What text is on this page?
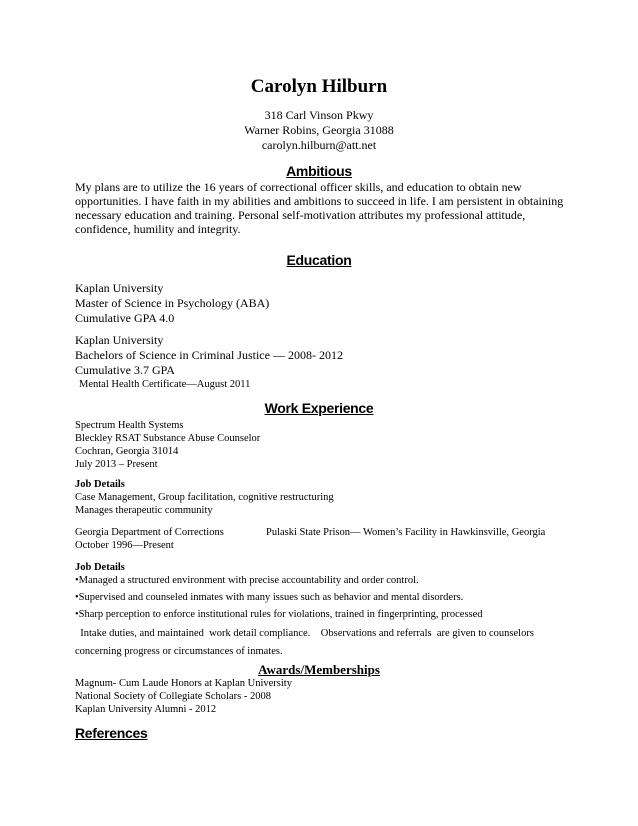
Carolyn Hilburn
318 Carl Vinson Pkwy
Warner Robins, Georgia 31088
carolyn.hilburn@att.net
Ambitious
My plans are to utilize the 16 years of correctional officer skills, and education to obtain new opportunities. I have faith in my abilities and ambitions to succeed in life. I am persistent in obtaining necessary education and training. Personal self-motivation attributes my professional attitude, confidence, humility and integrity.
Education
Kaplan University
Master of Science in Psychology (ABA)
Cumulative GPA 4.0
Kaplan University
Bachelors of Science in Criminal Justice — 2008- 2012
Cumulative 3.7 GPA
Mental Health Certificate—August 2011
Work Experience
Spectrum Health Systems
Bleckley RSAT Substance Abuse Counselor
Cochran, Georgia 31014
July 2013 – Present
Job Details
Case Management, Group facilitation, cognitive restructuring
Manages therapeutic community
Georgia Department of Corrections	Pulaski State Prison— Women’s Facility in Hawkinsville, Georgia
October 1996—Present
Job Details
•Managed a structured environment with precise accountability and order control.
•Supervised and counseled inmates with many issues such as behavior and mental disorders.
•Sharp perception to enforce institutional rules for violations, trained in fingerprinting, processed
Intake duties, and maintained  work detail compliance.    Observations and referrals  are given to counselors
concerning progress or circumstances of inmates.
Awards/Memberships
Magnum- Cum Laude Honors at Kaplan University
National Society of Collegiate Scholars - 2008
Kaplan University Alumni - 2012
References
